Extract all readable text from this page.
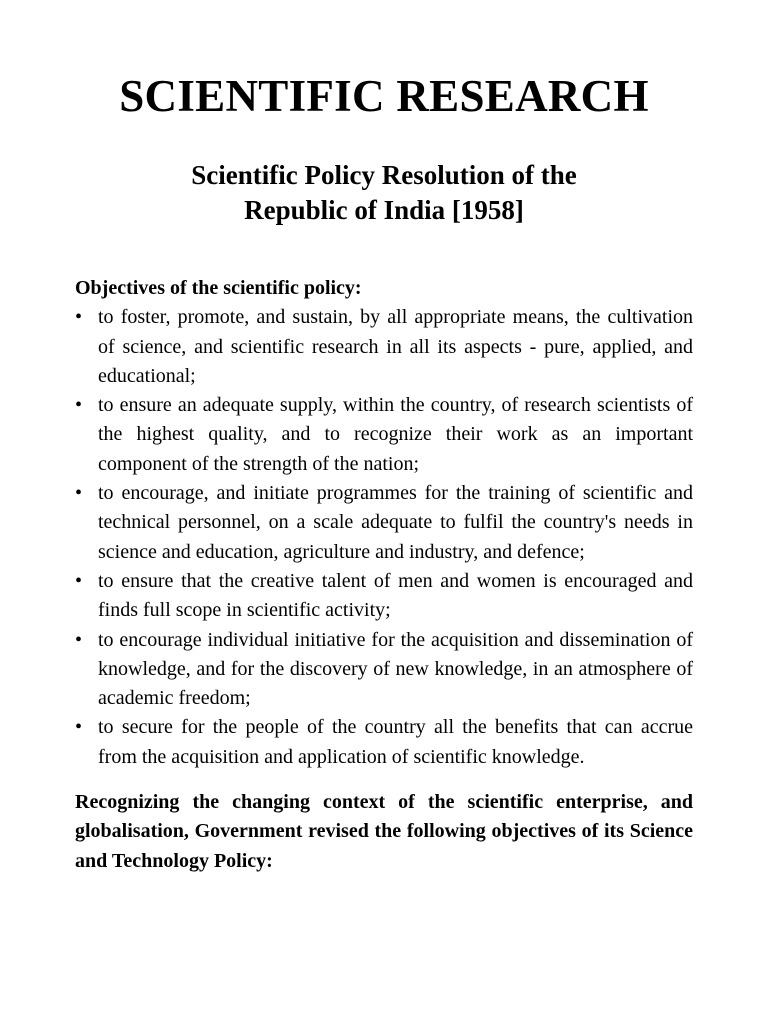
SCIENTIFIC RESEARCH
Scientific Policy Resolution of the
Republic of India [1958]

Objectives of the scientific policy:

• to foster, promote, and sustain, by all appropriate means, the cultivation of science, and scientific research in all its aspects - pure, applied, and educational;
• to ensure an adequate supply, within the country, of research scientists of the highest quality, and to recognize their work as an important component of the strength of the nation;
• to encourage, and initiate programmes for the training of scientific and technical personnel, on a scale adequate to fulfil the country's needs in science and education, agriculture and industry, and defence;
• to ensure that the creative talent of men and women is encouraged and finds full scope in scientific activity;
• to encourage individual initiative for the acquisition and dissemination of knowledge, and for the discovery of new knowledge, in an atmosphere of academic freedom;
• to secure for the people of the country all the benefits that can accrue from the acquisition and application of scientific knowledge.

Recognizing the changing context of the scientific enterprise, and globalisation, Government revised the following objectives of its Science and Technology Policy:
